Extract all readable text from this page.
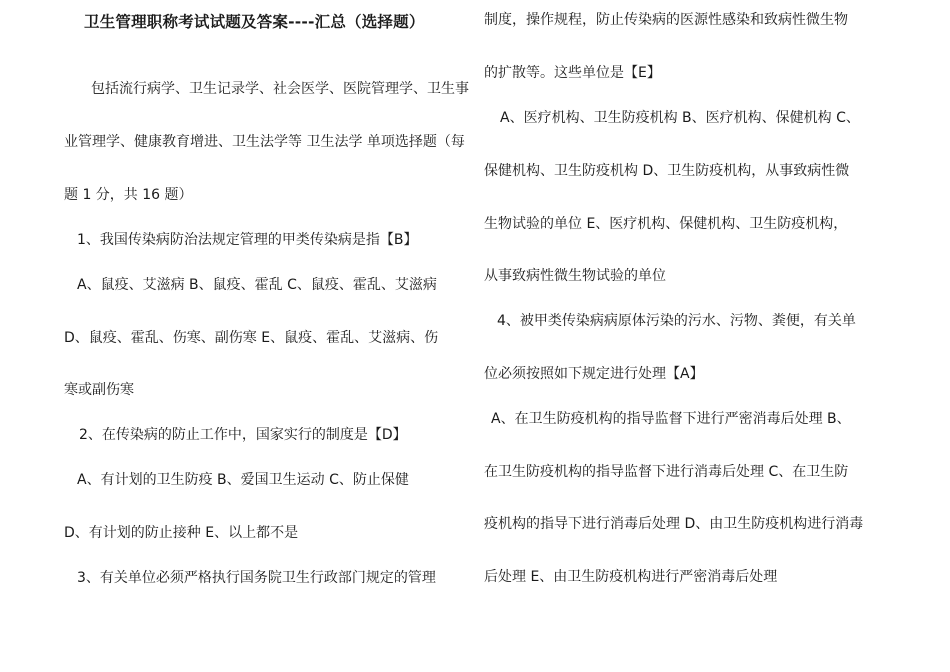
卫生管理职称考试试题及答案----汇总（选择题）
包括流行病学、卫生记录学、社会医学、医院管理学、卫生事
业管理学、健康教育增进、卫生法学等 卫生法学 单项选择题（每
题 1 分，共 16 题）
1、我国传染病防治法规定管理的甲类传染病是指【B】
A、鼠疫、艾滋病 B、鼠疫、霍乱 C、鼠疫、霍乱、艾滋病
D、鼠疫、霍乱、伤寒、副伤寒 E、鼠疫、霍乱、艾滋病、伤
寒或副伤寒
2、在传染病的防止工作中，国家实行的制度是【D】
A、有计划的卫生防疫 B、爱国卫生运动 C、防止保健
D、有计划的防止接种 E、以上都不是
3、有关单位必须严格执行国务院卫生行政部门规定的管理
制度，操作规程，防止传染病的医源性感染和致病性微生物
的扩散等。这些单位是【E】
A、医疗机构、卫生防疫机构 B、医疗机构、保健机构 C、
保健机构、卫生防疫机构 D、卫生防疫机构，从事致病性微
生物试验的单位 E、医疗机构、保健机构、卫生防疫机构，
从事致病性微生物试验的单位
4、被甲类传染病病原体污染的污水、污物、粪便，有关单
位必须按照如下规定进行处理【A】
A、在卫生防疫机构的指导监督下进行严密消毒后处理 B、
在卫生防疫机构的指导监督下进行消毒后处理 C、在卫生防
疫机构的指导下进行消毒后处理 D、由卫生防疫机构进行消毒
后处理 E、由卫生防疫机构进行严密消毒后处理
